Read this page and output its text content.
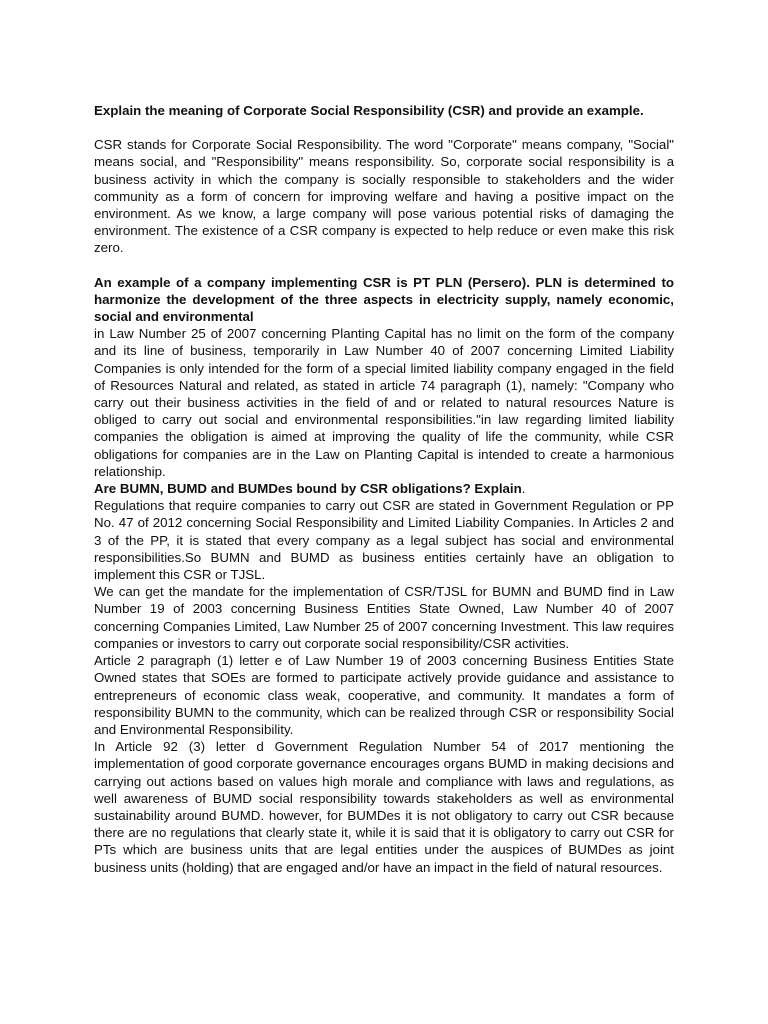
Explain the meaning of Corporate Social Responsibility (CSR) and provide an example.

CSR stands for Corporate Social Responsibility. The word "Corporate" means company, "Social" means social, and "Responsibility" means responsibility. So, corporate social responsibility is a business activity in which the company is socially responsible to stakeholders and the wider community as a form of concern for improving welfare and having a positive impact on the environment. As we know, a large company will pose various potential risks of damaging the environment. The existence of a CSR company is expected to help reduce or even make this risk zero.

An example of a company implementing CSR is PT PLN (Persero). PLN is determined to harmonize the development of the three aspects in electricity supply, namely economic, social and environmental

in Law Number 25 of 2007 concerning Planting Capital has no limit on the form of the company and its line of business, temporarily in Law Number 40 of 2007 concerning Limited Liability Companies is only intended for the form of a special limited liability company engaged in the field of Resources Natural and related, as stated in article 74 paragraph (1), namely: "Company who carry out their business activities in the field of and or related to natural resources Nature is obliged to carry out social and environmental responsibilities."in law regarding limited liability companies the obligation is aimed at improving the quality of life the community, while CSR obligations for companies are in the Law on Planting Capital is intended to create a harmonious relationship.

Are BUMN, BUMD and BUMDes bound by CSR obligations? Explain.

Regulations that require companies to carry out CSR are stated in Government Regulation or PP No. 47 of 2012 concerning Social Responsibility and Limited Liability Companies. In Articles 2 and 3 of the PP, it is stated that every company as a legal subject has social and environmental responsibilities.So BUMN and BUMD as business entities certainly have an obligation to implement this CSR or TJSL.

We can get the mandate for the implementation of CSR/TJSL for BUMN and BUMD find in Law Number 19 of 2003 concerning Business Entities State Owned, Law Number 40 of 2007 concerning Companies Limited, Law Number 25 of 2007 concerning Investment. This law requires companies or investors to carry out corporate social responsibility/CSR activities.

Article 2 paragraph (1) letter e of Law Number 19 of 2003 concerning Business Entities State Owned states that SOEs are formed to participate actively provide guidance and assistance to entrepreneurs of economic class weak, cooperative, and community. It mandates a form of responsibility BUMN to the community, which can be realized through CSR or responsibility Social and Environmental Responsibility.

In Article 92 (3) letter d Government Regulation Number 54 of 2017 mentioning the implementation of good corporate governance encourages organs BUMD in making decisions and carrying out actions based on values high morale and compliance with laws and regulations, as well awareness of BUMD social responsibility towards stakeholders as well as environmental sustainability around BUMD. however, for BUMDes it is not obligatory to carry out CSR because there are no regulations that clearly state it, while it is said that it is obligatory to carry out CSR for PTs which are business units that are legal entities under the auspices of BUMDes as joint business units (holding) that are engaged and/or have an impact in the field of natural resources.
